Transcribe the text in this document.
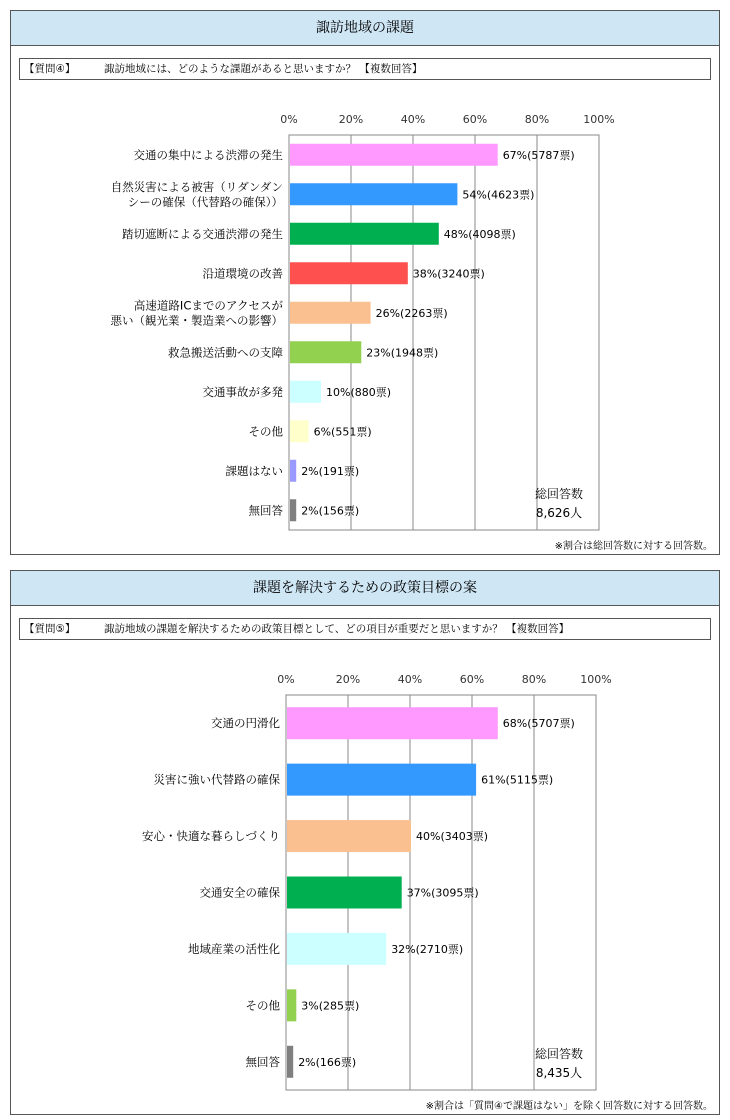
諏訪地域の課題
【質問④】	諏訪地域には、どのような課題があると思いますか？ 【複数回答】
0%	20%	40%	60%	80%	100%
67%(5787票)
交通の集中による渋滞の発生
54%(4623票)
自然災害による被害（リダンダン
シーの確保（代替路の確保））
48%(4098票)
踏切遮断による交通渋滞の発生
38%(3240票)
沿道環境の改善
26%(2263票)
高速道路ICまでのアクセスが
悪い（観光業・製造業への影響）
23%(1948票)
救急搬送活動への支障
10%(880票)
交通事故が多発
6%(551票)
その他
2%(191票)
課題はない
2%(156票)
無回答
総回答数
8,626人
※割合は総回答数に対する回答数。
課題を解決するための政策目標の案
【質問⑤】	諏訪地域の課題を解決するための政策目標として、どの項目が重要だと思いますか？ 【複数回答】
0%	20%	40%	60%	80%	100%
68%(5707票)
交通の円滑化
61%(5115票)
災害に強い代替路の確保
40%(3403票)
安心・快適な暮らしづくり
37%(3095票)
交通安全の確保
32%(2710票)
地域産業の活性化
3%(285票)
その他
2%(166票)
無回答
総回答数
8,435人
※割合は「質問④で課題はない」を除く回答数に対する回答数。
